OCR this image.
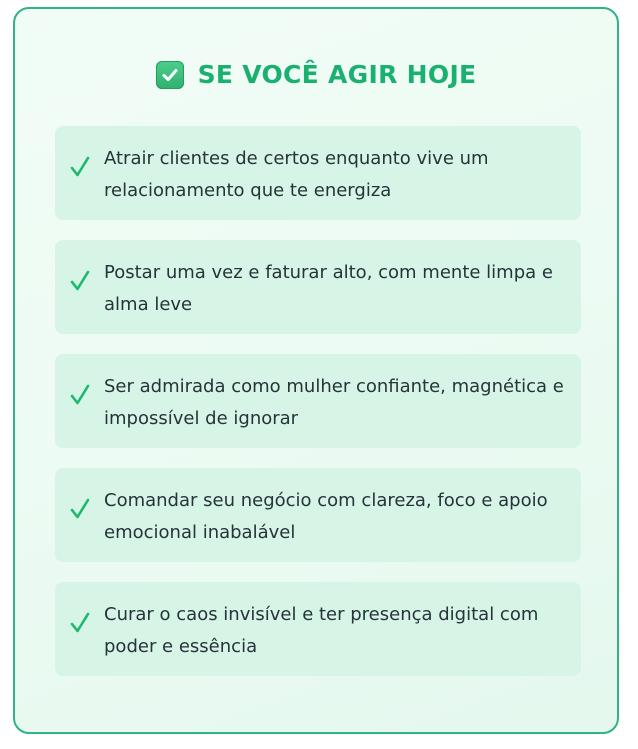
SE VOCÊ AGIR HOJE
Atrair clientes de certos enquanto vive um relacionamento que te energiza
Postar uma vez e faturar alto, com mente limpa e alma leve
Ser admirada como mulher confiante, magnética e impossível de ignorar
Comandar seu negócio com clareza, foco e apoio emocional inabalável
Curar o caos invisível e ter presença digital com poder e essência
